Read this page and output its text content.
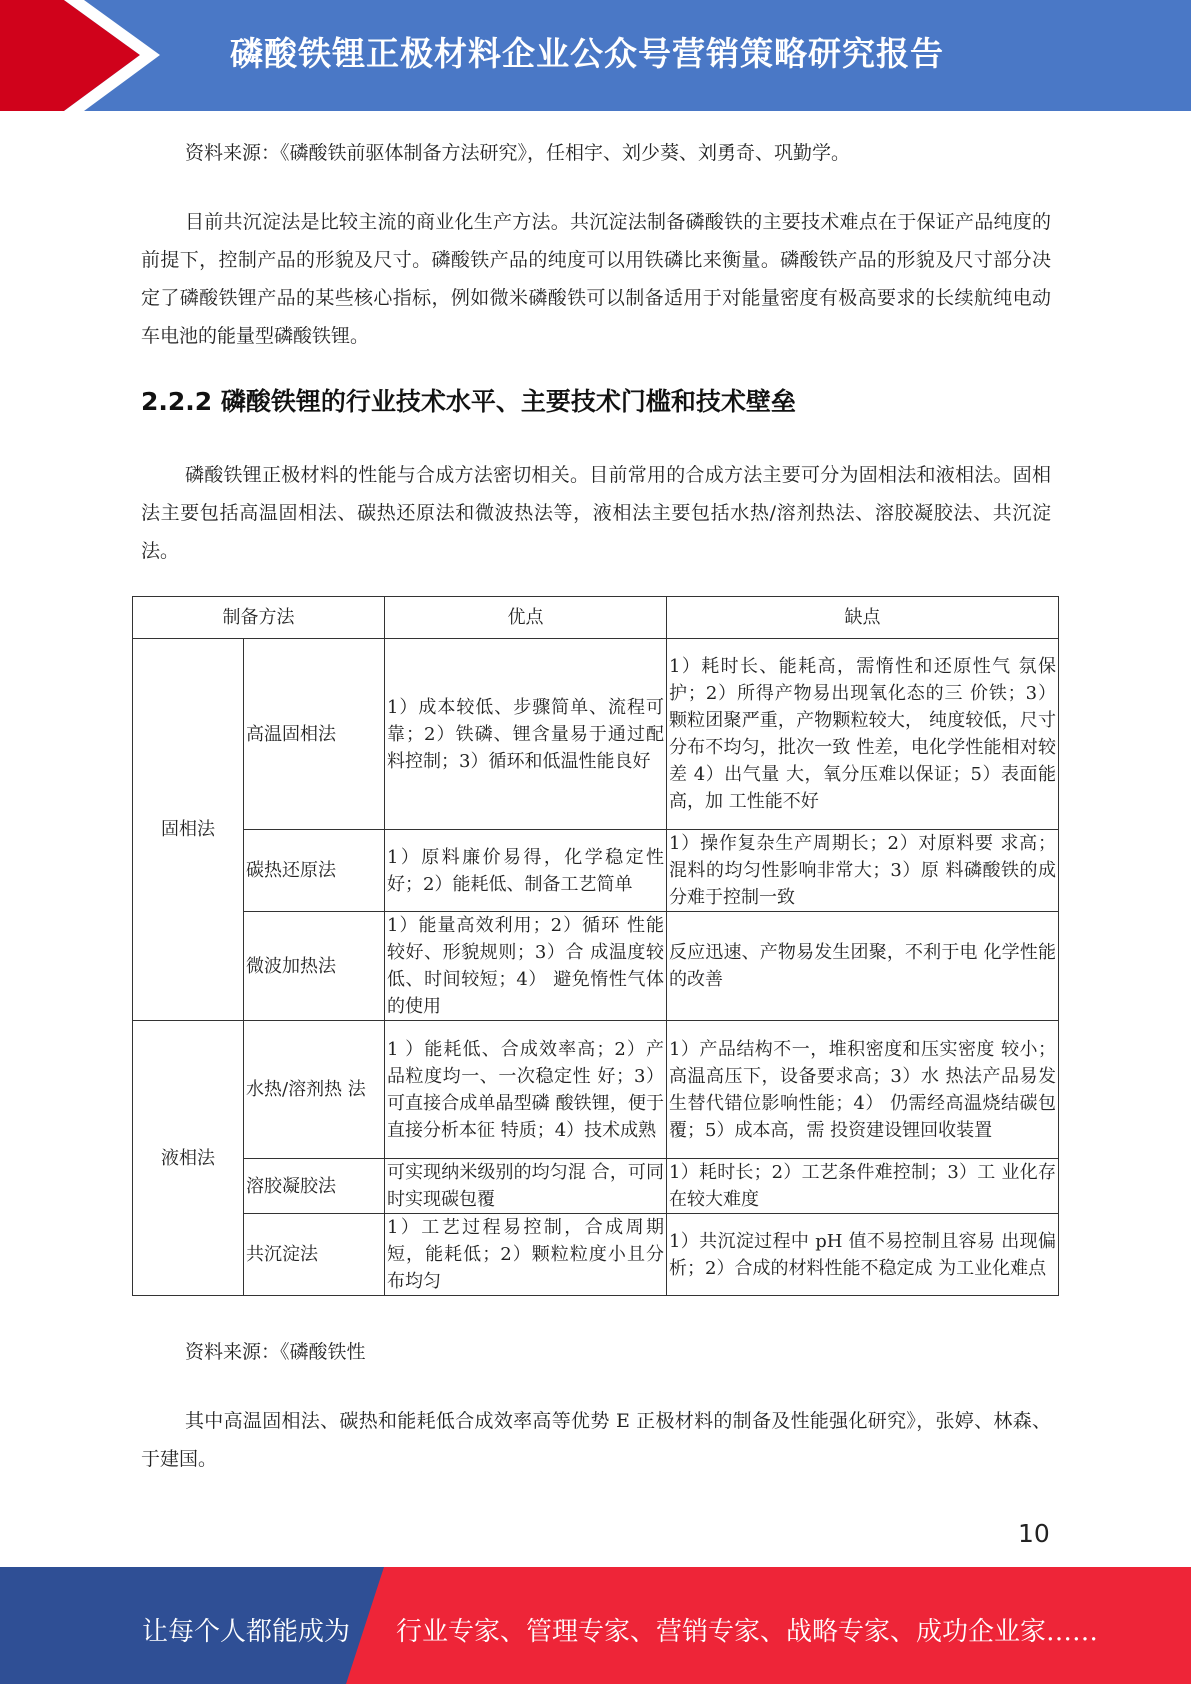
磷酸铁锂正极材料企业公众号营销策略研究报告

资料来源：《磷酸铁前驱体制备方法研究》，任相宇、刘少葵、刘勇奇、巩勤学。

目前共沉淀法是比较主流的商业化生产方法。共沉淀法制备磷酸铁的主要技术难点在于保证产品纯度的前提下，控制产品的形貌及尺寸。磷酸铁产品的纯度可以用铁磷比来衡量。磷酸铁产品的形貌及尺寸部分决定了磷酸铁锂产品的某些核心指标，例如微米磷酸铁可以制备适用于对能量密度有极高要求的长续航纯电动车电池的能量型磷酸铁锂。

2.2.2 磷酸铁锂的行业技术水平、主要技术门槛和技术壁垒

磷酸铁锂正极材料的性能与合成方法密切相关。目前常用的合成方法主要可分为固相法和液相法。固相法主要包括高温固相法、碳热还原法和微波热法等，液相法主要包括水热/溶剂热法、溶胶凝胶法、共沉淀法。

制备方法		优点	缺点
固相法	高温固相法	1）成本较低、步骤简单、流程可靠；2）铁磷、锂含量易于通过配料控制；3）循环和低温性能良好	1）耗时长、能耗高，需惰性和还原性气 氛保护；2）所得产物易出现氧化态的三 价铁；3）颗粒团聚严重，产物颗粒较大， 纯度较低，尺寸分布不均匀，批次一致 性差，电化学性能相对较差 4）出气量 大，氧分压难以保证；5）表面能高，加 工性能不好
	碳热还原法	1）原料廉价易得，化学稳定性好；2）能耗低、制备工艺简单	1）操作复杂生产周期长；2）对原料要 求高；混料的均匀性影响非常大；3）原 料磷酸铁的成分难于控制一致
	微波加热法	1）能量高效利用；2）循环 性能较好、形貌规则；3）合 成温度较低、时间较短；4） 避免惰性气体的使用	反应迅速、产物易发生团聚，不利于电 化学性能的改善
液相法	水热/溶剂热 法	1 ）能耗低、合成效率高；2）产品粒度均一、一次稳定性 好；3）可直接合成单晶型磷 酸铁锂，便于直接分析本征 特质；4）技术成熟	1）产品结构不一，堆积密度和压实密度 较小；高温高压下，设备要求高；3）水 热法产品易发生替代错位影响性能；4） 仍需经高温烧结碳包覆；5）成本高，需 投资建设锂回收装置
	溶胶凝胶法	可实现纳米级别的均匀混 合，可同时实现碳包覆	1）耗时长；2）工艺条件难控制；3）工 业化存在较大难度
	共沉淀法	1）工艺过程易控制，合成周期短，能耗低；2）颗粒粒度小且分布均匀	1）共沉淀过程中 pH 值不易控制且容易 出现偏析；2）合成的材料性能不稳定成 为工业化难点

资料来源：《磷酸铁性

其中高温固相法、碳热和能耗低合成效率高等优势 E 正极材料的制备及性能强化研究》，张婷、林森、于建国。

10
让每个人都能成为 行业专家、管理专家、营销专家、战略专家、成功企业家……
